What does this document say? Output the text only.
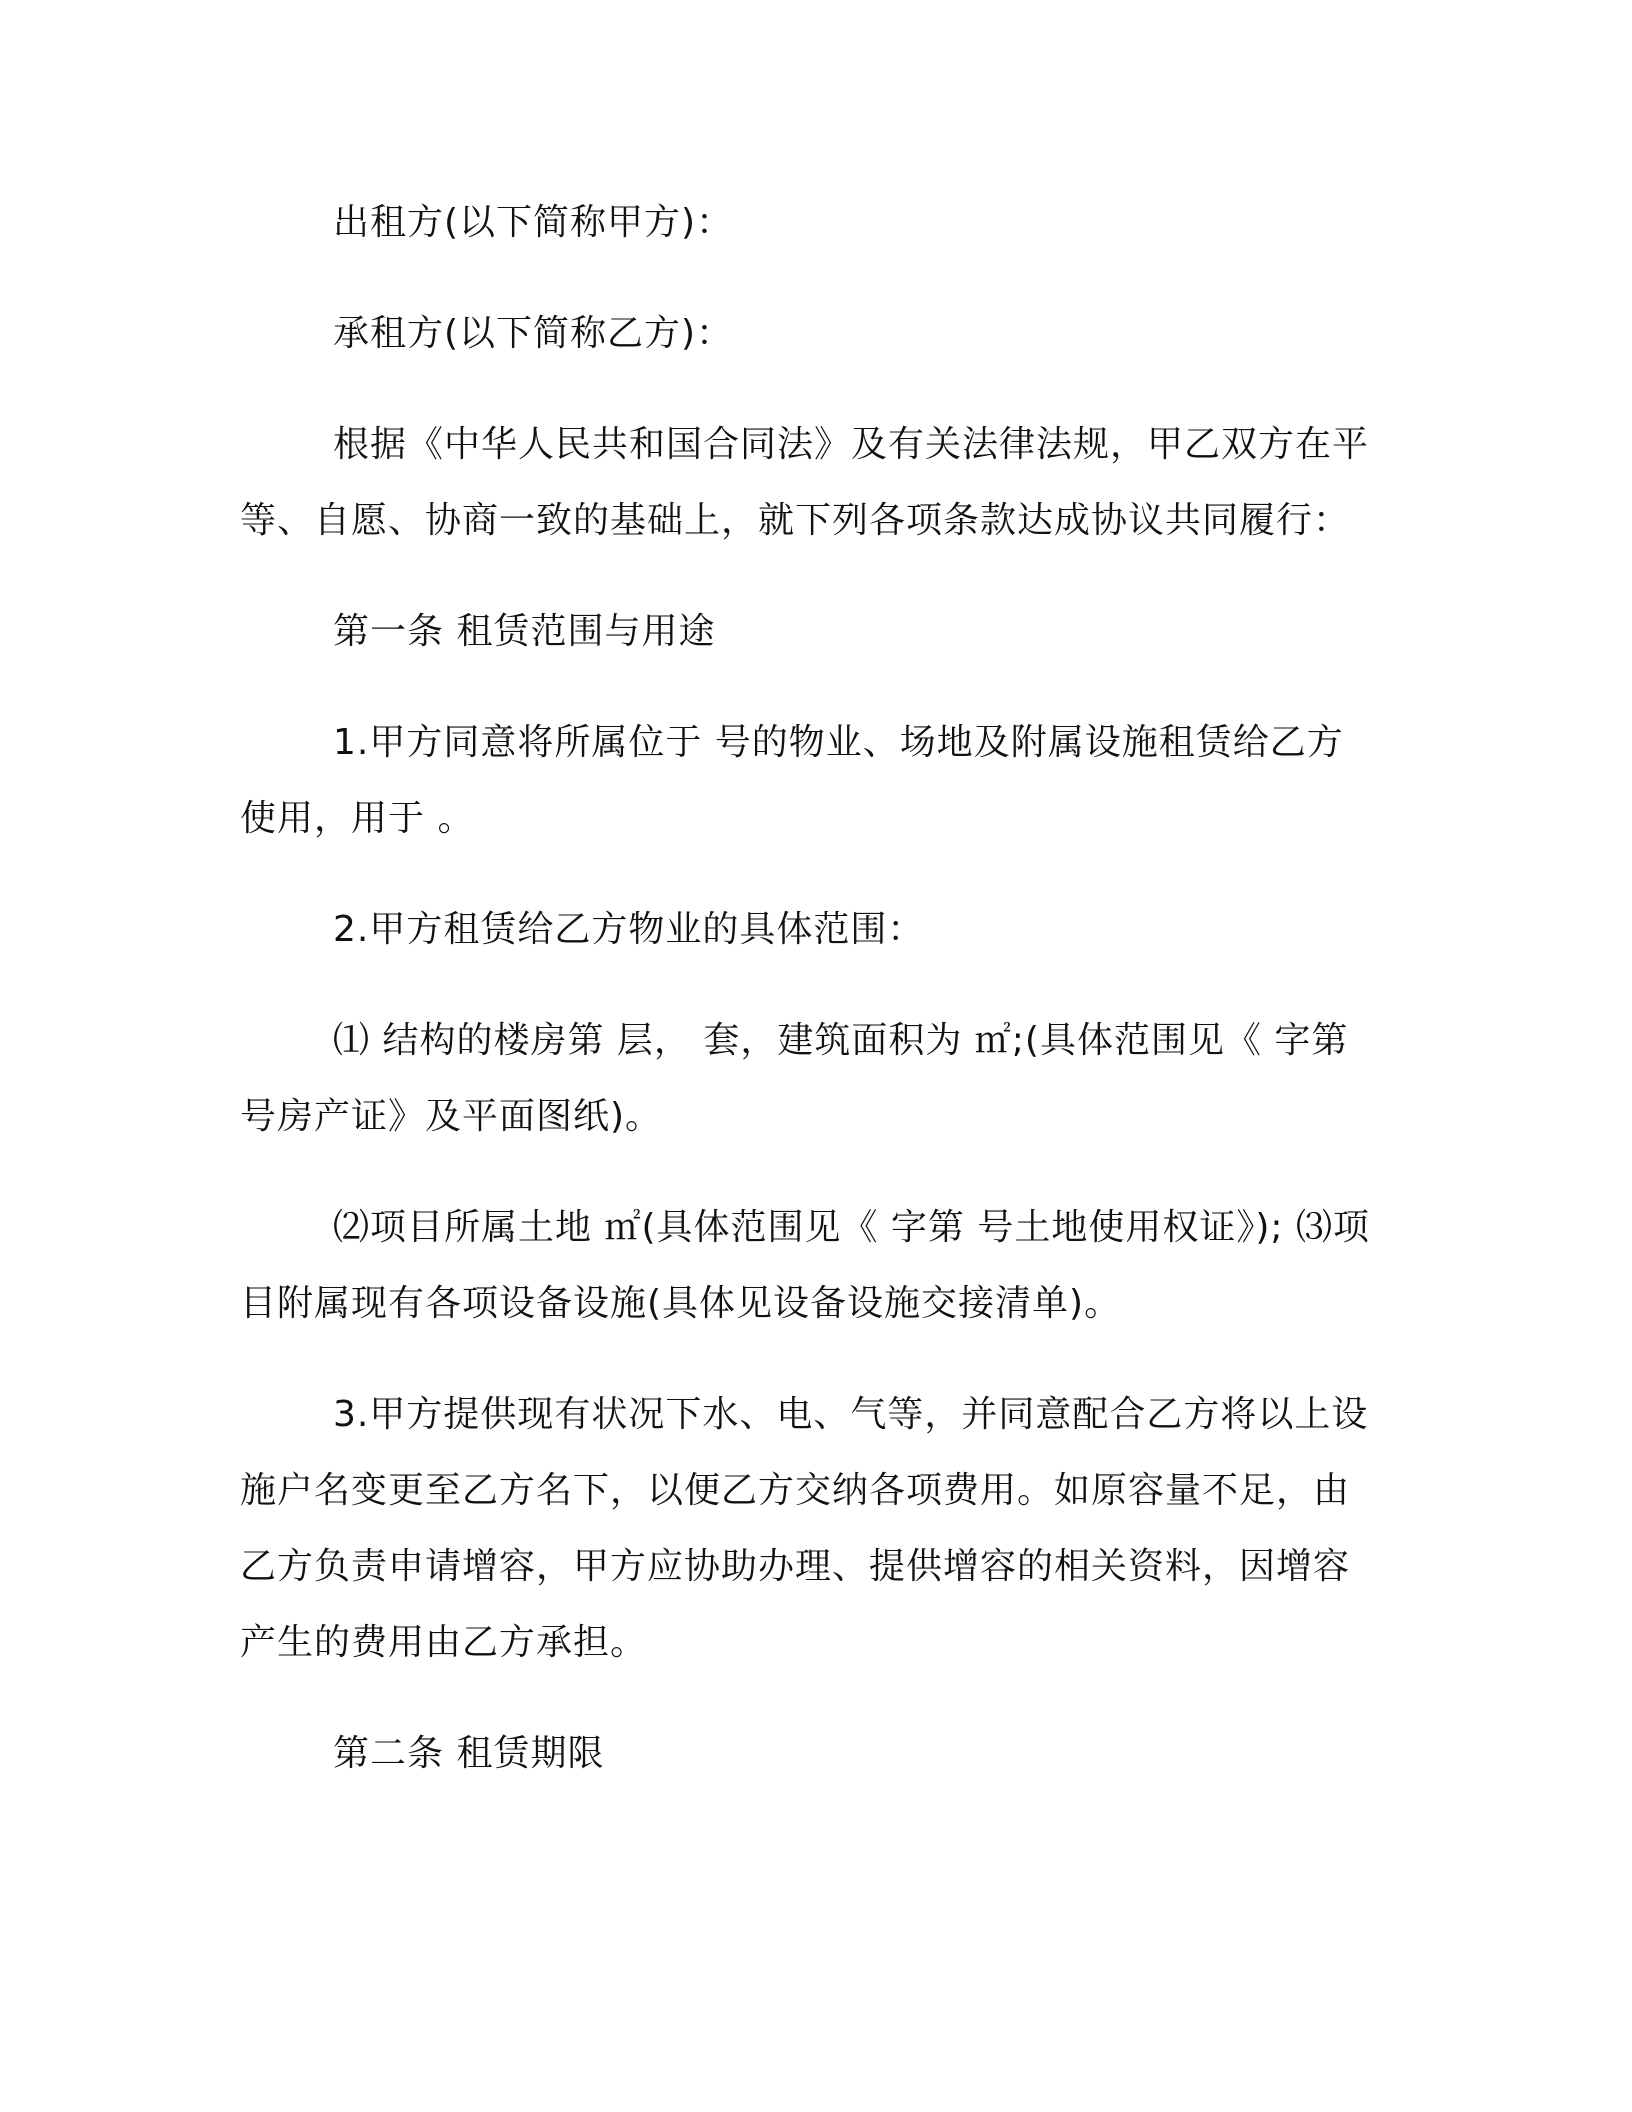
出租方(以下简称甲方)：

承租方(以下简称乙方)：

根据《中华人民共和国合同法》及有关法律法规，甲乙双方在平等、自愿、协商一致的基础上，就下列各项条款达成协议共同履行：

第一条 租赁范围与用途

1.甲方同意将所属位于 号的物业、场地及附属设施租赁给乙方使用，用于 。

2.甲方租赁给乙方物业的具体范围：

⑴ 结构的楼房第 层， 套，建筑面积为 ㎡;(具体范围见《 字第 号房产证》及平面图纸)。

⑵项目所属土地 ㎡(具体范围见《 字第 号土地使用权证》); ⑶项目附属现有各项设备设施(具体见设备设施交接清单)。

3.甲方提供现有状况下水、电、气等，并同意配合乙方将以上设施户名变更至乙方名下，以便乙方交纳各项费用。如原容量不足，由乙方负责申请增容，甲方应协助办理、提供增容的相关资料，因增容产生的费用由乙方承担。

第二条 租赁期限
